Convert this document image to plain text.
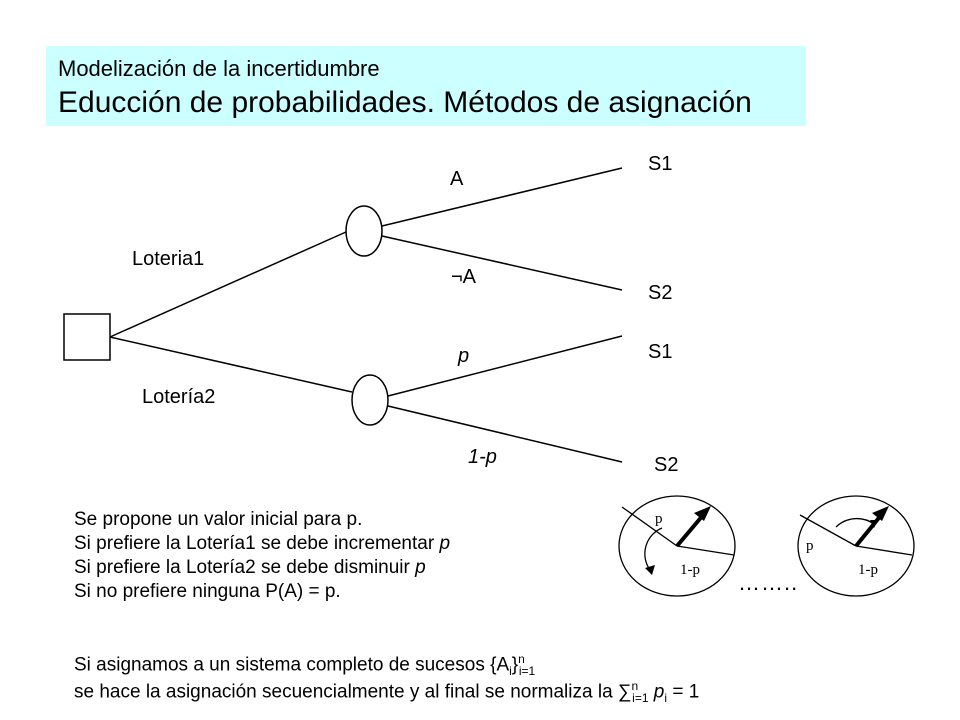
Modelización de la incertidumbre
Educción de probabilidades. Métodos de asignación
Loteria1
Lotería2
A
¬A
p
1-p
S1
S2
S1
S2
p
1-p
p
1-p
……..
Se propone un valor inicial para p.
Si prefiere la Lotería1 se debe incrementar p
Si prefiere la Lotería2 se debe disminuir p
Si no prefiere ninguna P(A) = p.
Si asignamos a un sistema completo de sucesos $\{A_i\}^n_{i=1}$
se hace la asignación secuencialmente y al final se normaliza la ∑$^n_{i=1}$ $p_i = 1$
